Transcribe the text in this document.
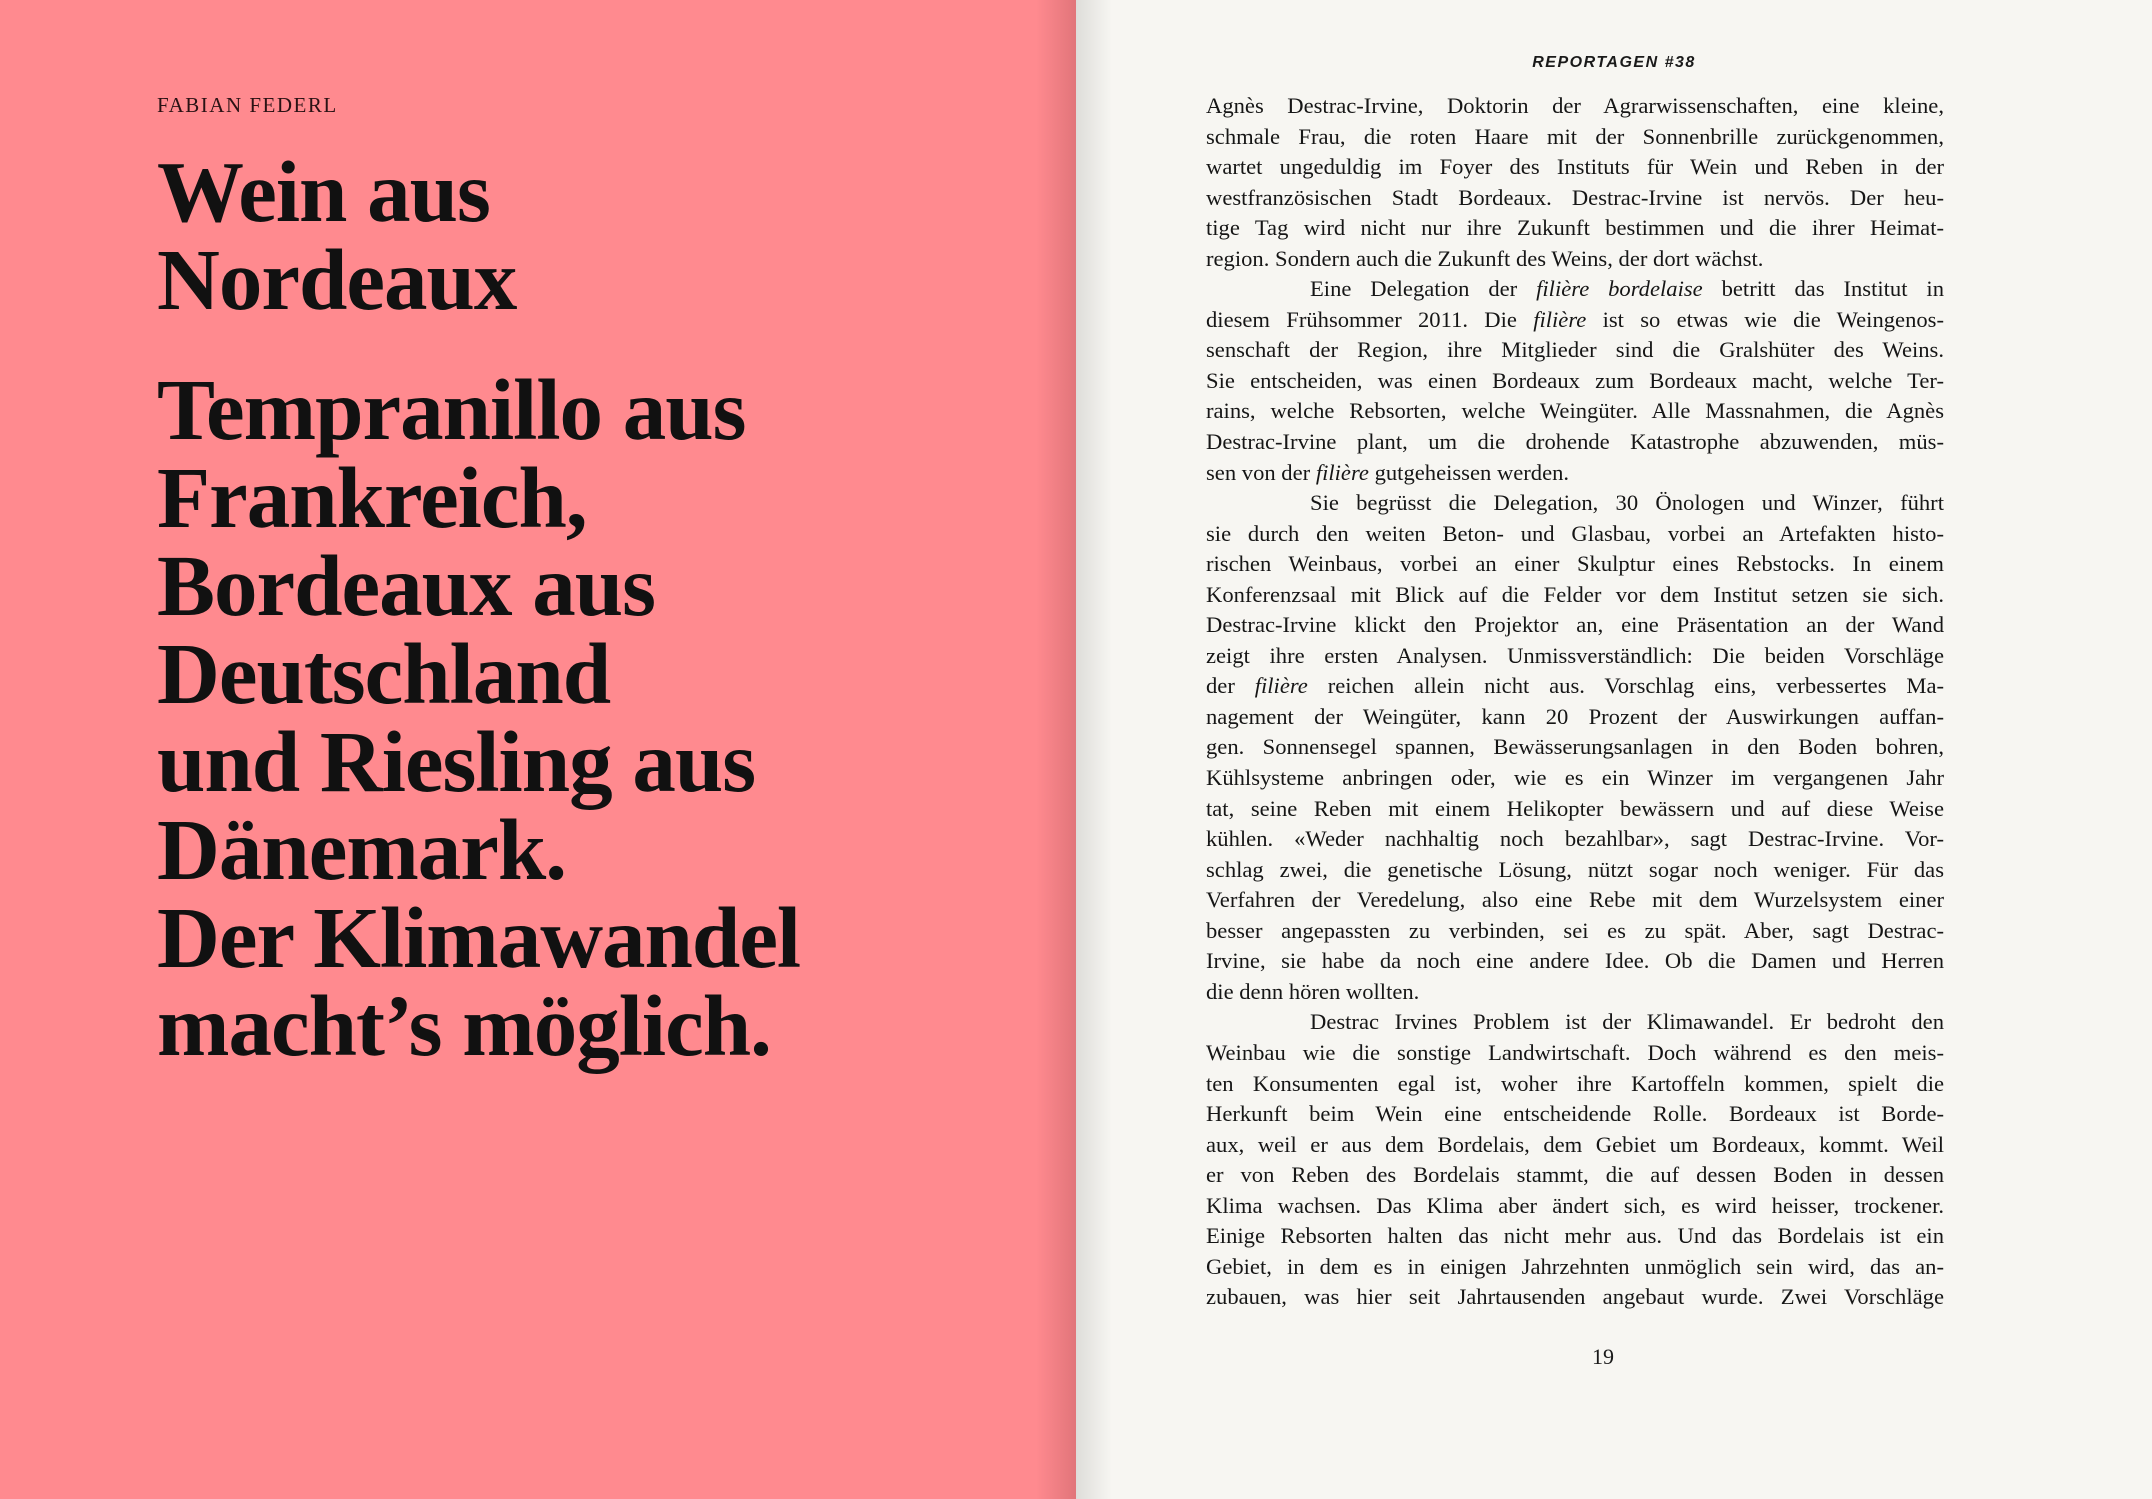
FABIAN FEDERL
Wein aus
Nordeaux
Tempranillo aus
Frankreich,
Bordeaux aus
Deutschland
und Riesling aus
Dänemark.
Der Klimawandel
macht’s möglich.
REPORTAGEN #38
Agnès Destrac-Irvine, Doktorin der Agrarwissenschaften, eine kleine,
schmale Frau, die roten Haare mit der Sonnenbrille zurückgenommen,
wartet ungeduldig im Foyer des Instituts für Wein und Reben in der
westfranzösischen Stadt Bordeaux. Destrac-Irvine ist nervös. Der heu-
tige Tag wird nicht nur ihre Zukunft bestimmen und die ihrer Heimat-
region. Sondern auch die Zukunft des Weins, der dort wächst.
Eine Delegation der filière bordelaise betritt das Institut in
diesem Frühsommer 2011. Die filière ist so etwas wie die Weingenos-
senschaft der Region, ihre Mitglieder sind die Gralshüter des Weins.
Sie entscheiden, was einen Bordeaux zum Bordeaux macht, welche Ter-
rains, welche Rebsorten, welche Weingüter. Alle Massnahmen, die Agnès
Destrac-Irvine plant, um die drohende Katastrophe abzuwenden, müs-
sen von der filière gutgeheissen werden.
Sie begrüsst die Delegation, 30 Önologen und Winzer, führt
sie durch den weiten Beton- und Glasbau, vorbei an Artefakten histo-
rischen Weinbaus, vorbei an einer Skulptur eines Rebstocks. In einem
Konferenzsaal mit Blick auf die Felder vor dem Institut setzen sie sich.
Destrac-Irvine klickt den Projektor an, eine Präsentation an der Wand
zeigt ihre ersten Analysen. Unmissverständlich: Die beiden Vorschläge
der filière reichen allein nicht aus. Vorschlag eins, verbessertes Ma-
nagement der Weingüter, kann 20 Prozent der Auswirkungen auffan-
gen. Sonnensegel spannen, Bewässerungsanlagen in den Boden bohren,
Kühlsysteme anbringen oder, wie es ein Winzer im vergangenen Jahr
tat, seine Reben mit einem Helikopter bewässern und auf diese Weise
kühlen. «Weder nachhaltig noch bezahlbar», sagt Destrac-Irvine. Vor-
schlag zwei, die genetische Lösung, nützt sogar noch weniger. Für das
Verfahren der Veredelung, also eine Rebe mit dem Wurzelsystem einer
besser angepassten zu verbinden, sei es zu spät. Aber, sagt Destrac-
Irvine, sie habe da noch eine andere Idee. Ob die Damen und Herren
die denn hören wollten.
Destrac Irvines Problem ist der Klimawandel. Er bedroht den
Weinbau wie die sonstige Landwirtschaft. Doch während es den meis-
ten Konsumenten egal ist, woher ihre Kartoffeln kommen, spielt die
Herkunft beim Wein eine entscheidende Rolle. Bordeaux ist Borde-
aux, weil er aus dem Bordelais, dem Gebiet um Bordeaux, kommt. Weil
er von Reben des Bordelais stammt, die auf dessen Boden in dessen
Klima wachsen. Das Klima aber ändert sich, es wird heisser, trockener.
Einige Rebsorten halten das nicht mehr aus. Und das Bordelais ist ein
Gebiet, in dem es in einigen Jahrzehnten unmöglich sein wird, das an-
zubauen, was hier seit Jahrtausenden angebaut wurde. Zwei Vorschläge
19
